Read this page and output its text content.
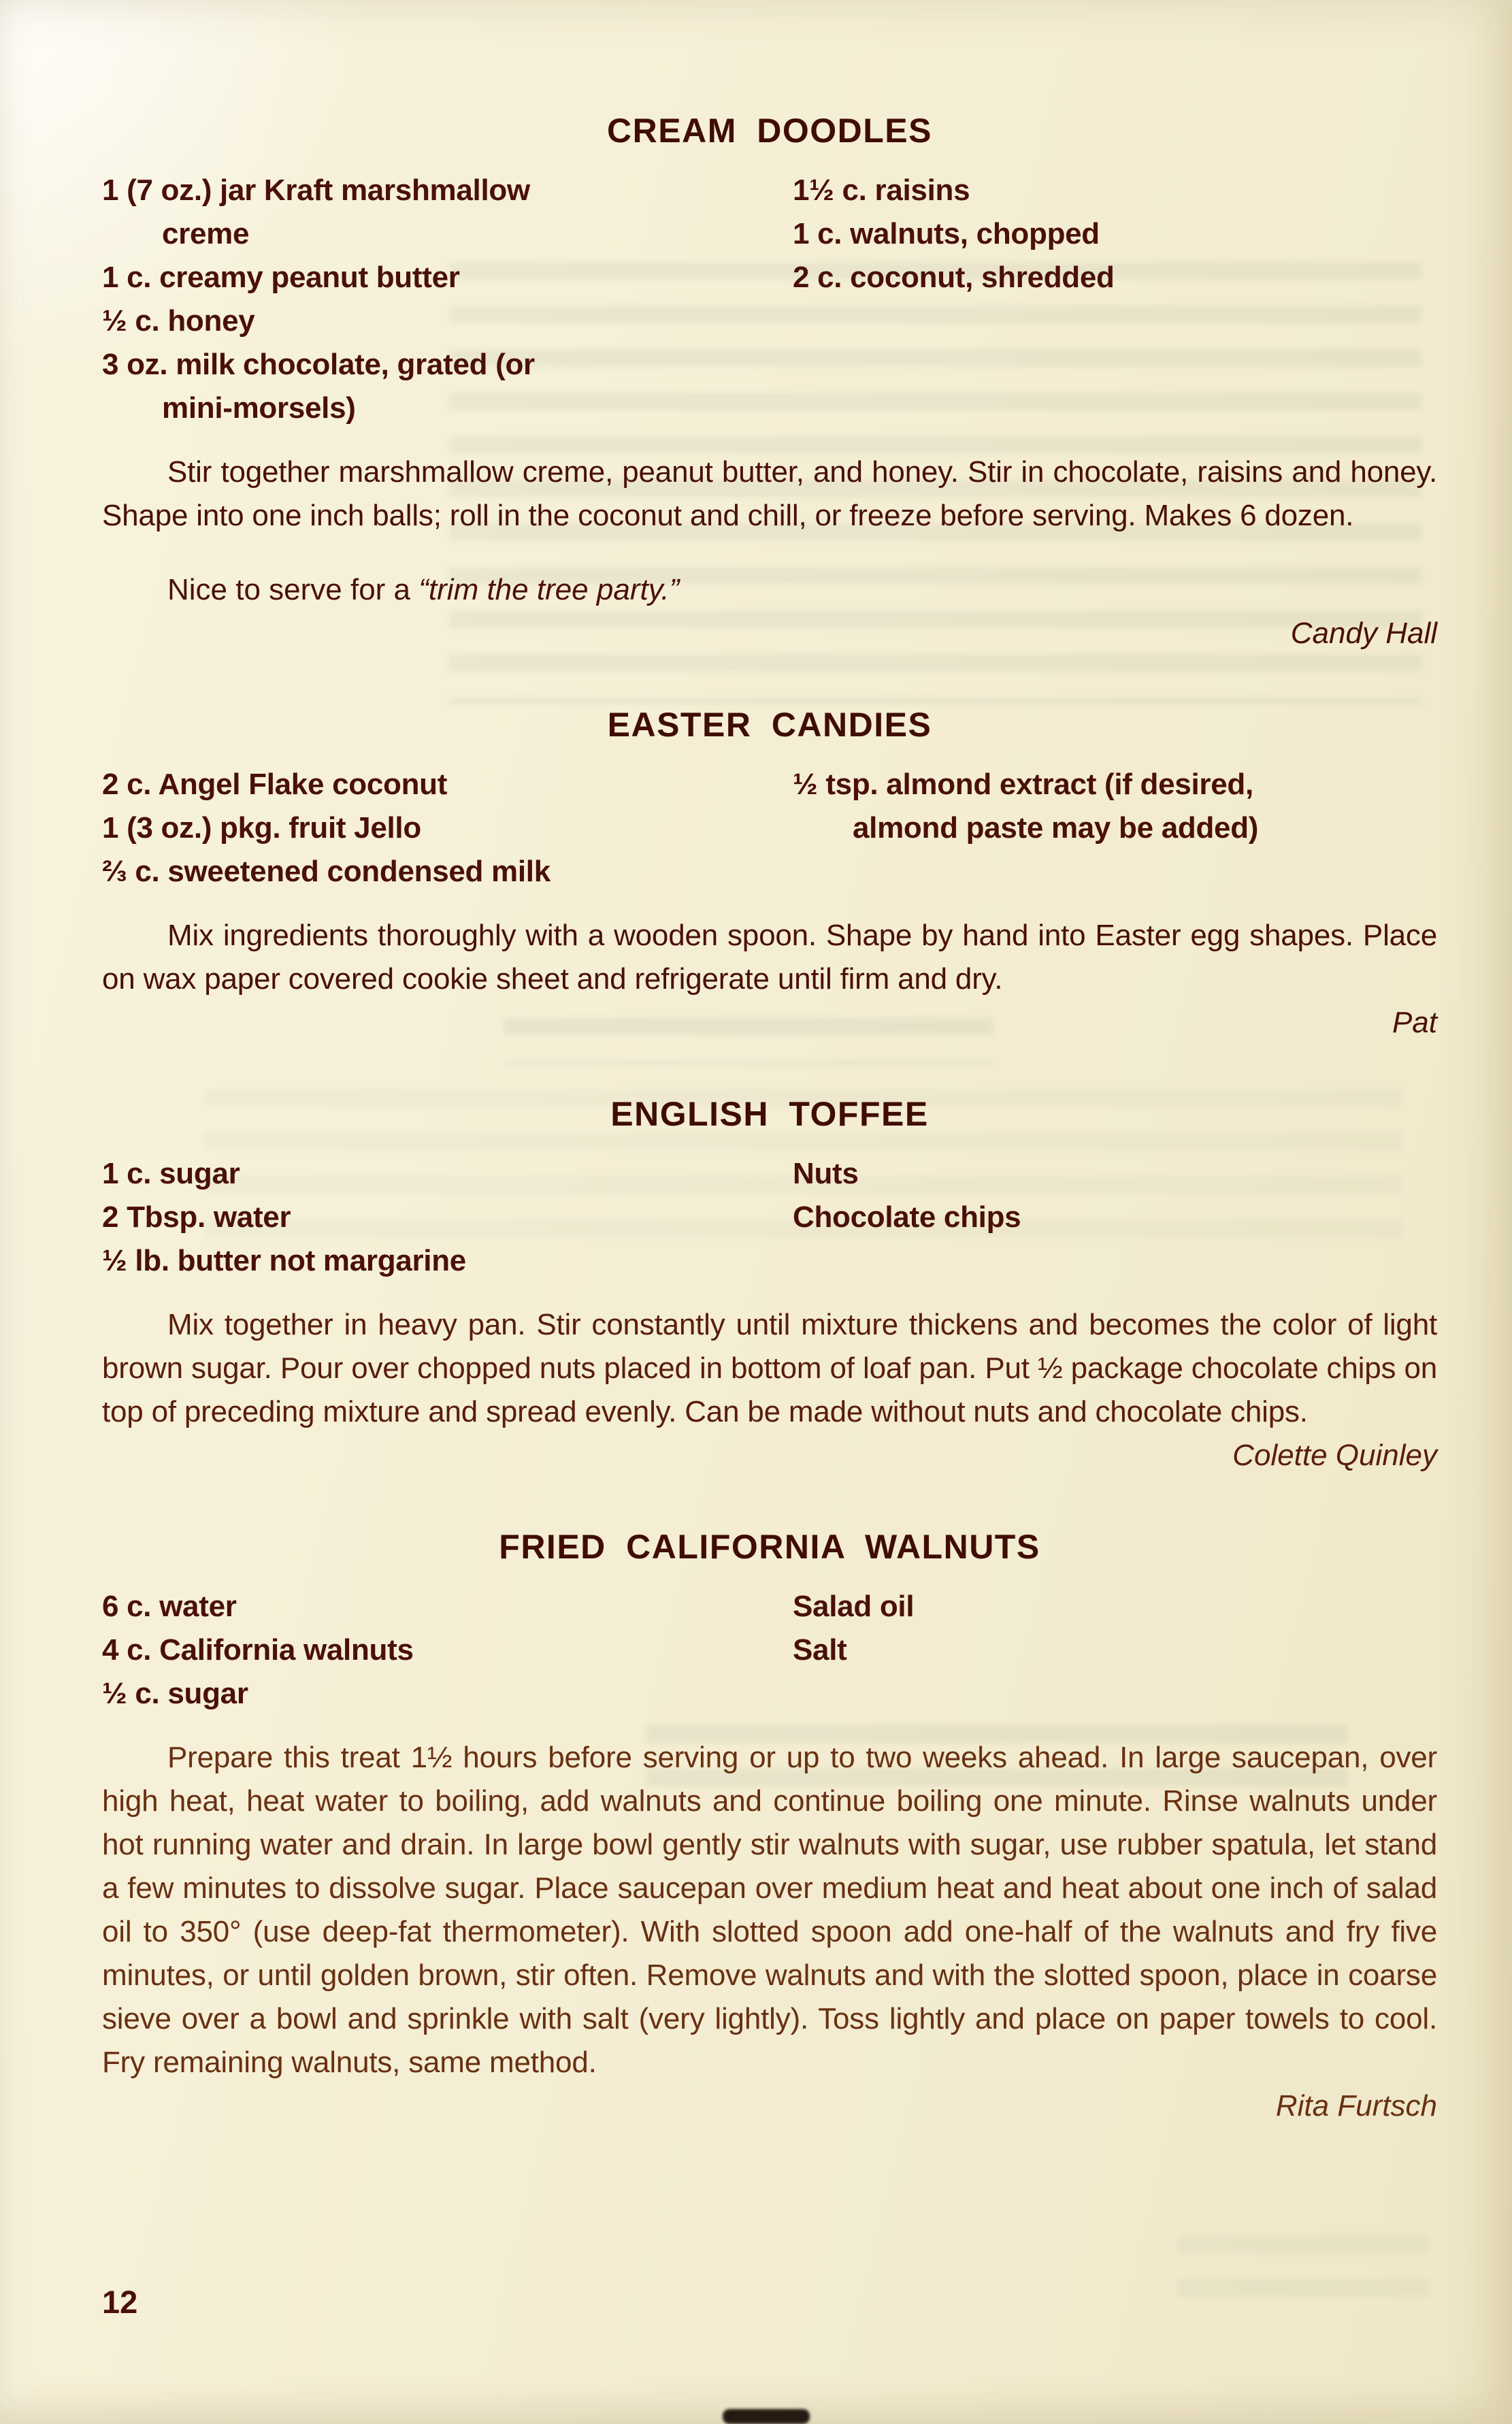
CREAM DOODLES
1 (7 oz.) jar Kraft marshmallow
creme
1 c. creamy peanut butter
½ c. honey
3 oz. milk chocolate, grated (or
mini-morsels)
1½ c. raisins
1 c. walnuts, chopped
2 c. coconut, shredded

Stir together marshmallow creme, peanut butter, and honey. Stir in chocolate, raisins and honey. Shape into one inch balls; roll in the coconut and chill, or freeze before serving. Makes 6 dozen.

Nice to serve for a “trim the tree party.”

Candy Hall

EASTER CANDIES
2 c. Angel Flake coconut
1 (3 oz.) pkg. fruit Jello
⅔ c. sweetened condensed milk
½ tsp. almond extract (if desired,
almond paste may be added)

Mix ingredients thoroughly with a wooden spoon. Shape by hand into Easter egg shapes. Place on wax paper covered cookie sheet and refrigerate until firm and dry.

Pat

ENGLISH TOFFEE
1 c. sugar
2 Tbsp. water
½ lb. butter not margarine
Nuts
Chocolate chips

Mix together in heavy pan. Stir constantly until mixture thickens and becomes the color of light brown sugar. Pour over chopped nuts placed in bottom of loaf pan. Put ½ package chocolate chips on top of preceding mixture and spread evenly. Can be made without nuts and chocolate chips.

Colette Quinley

FRIED CALIFORNIA WALNUTS
6 c. water
4 c. California walnuts
½ c. sugar
Salad oil
Salt

Prepare this treat 1½ hours before serving or up to two weeks ahead. In large saucepan, over high heat, heat water to boiling, add walnuts and continue boiling one minute. Rinse walnuts under hot running water and drain. In large bowl gently stir walnuts with sugar, use rubber spatula, let stand a few minutes to dissolve sugar. Place saucepan over medium heat and heat about one inch of salad oil to 350° (use deep-fat thermometer). With slotted spoon add one-half of the walnuts and fry five minutes, or until golden brown, stir often. Remove walnuts and with the slotted spoon, place in coarse sieve over a bowl and sprinkle with salt (very lightly). Toss lightly and place on paper towels to cool. Fry remaining walnuts, same method.

Rita Furtsch

12
